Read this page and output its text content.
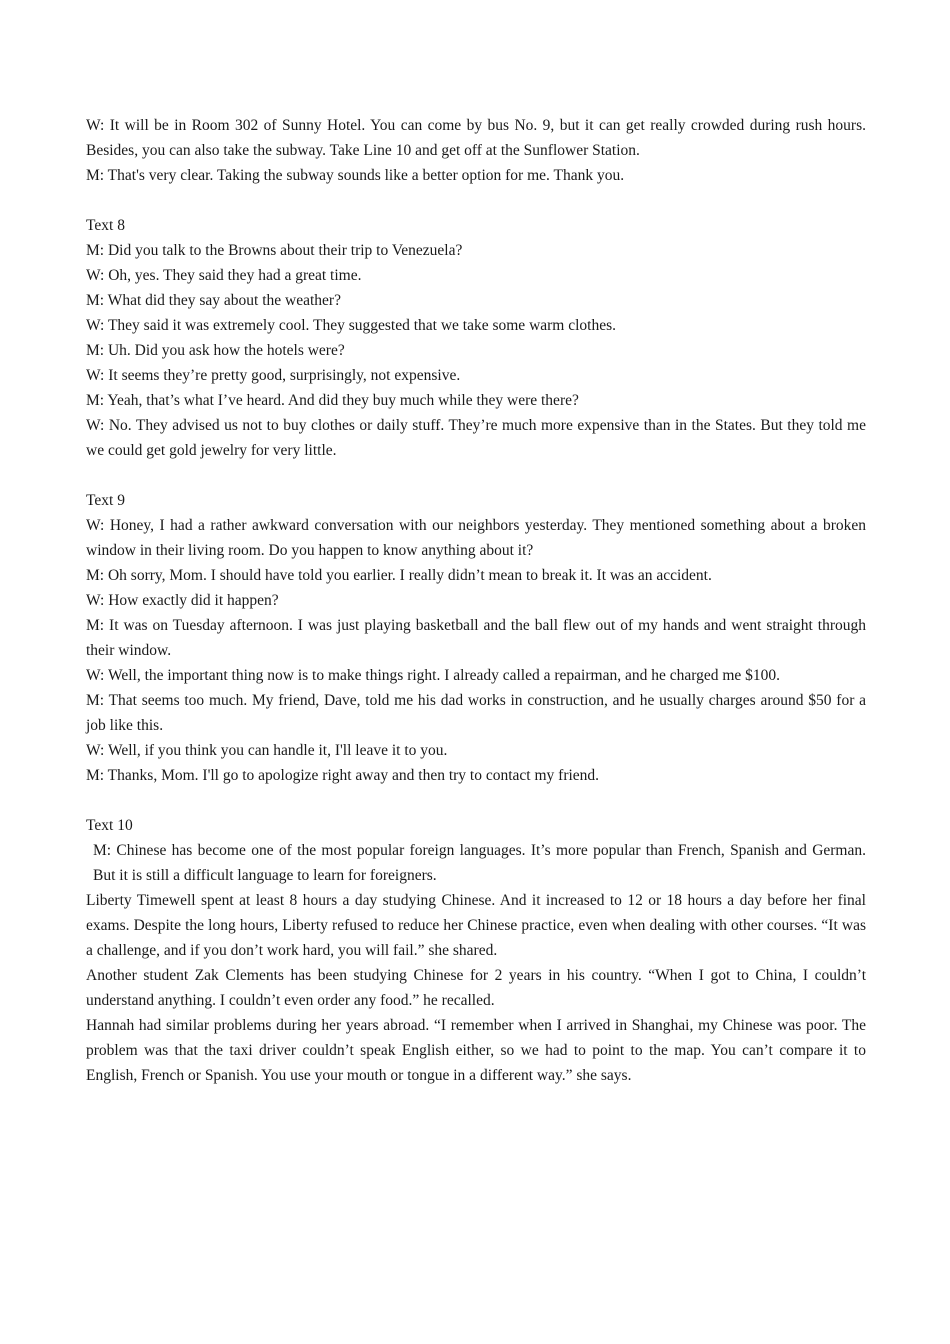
W: It will be in Room 302 of Sunny Hotel. You can come by bus No. 9, but it can get really crowded during rush hours. Besides, you can also take the subway. Take Line 10 and get off at the Sunflower Station.

M: That's very clear. Taking the subway sounds like a better option for me. Thank you.

Text 8

M: Did you talk to the Browns about their trip to Venezuela?

W: Oh, yes. They said they had a great time.

M: What did they say about the weather?

W: They said it was extremely cool. They suggested that we take some warm clothes.

M: Uh. Did you ask how the hotels were?

W: It seems they’re pretty good, surprisingly, not expensive.

M: Yeah, that’s what I’ve heard. And did they buy much while they were there?

W: No. They advised us not to buy clothes or daily stuff. They’re much more expensive than in the States. But they told me we could get gold jewelry for very little.

Text 9

W: Honey, I had a rather awkward conversation with our neighbors yesterday. They mentioned something about a broken window in their living room. Do you happen to know anything about it?

M: Oh sorry, Mom. I should have told you earlier. I really didn’t mean to break it. It was an accident.

W: How exactly did it happen?

M: It was on Tuesday afternoon. I was just playing basketball and the ball flew out of my hands and went straight through their window.

W: Well, the important thing now is to make things right. I already called a repairman, and he charged me $100.

M: That seems too much. My friend, Dave, told me his dad works in construction, and he usually charges around $50 for a job like this.

W: Well, if you think you can handle it, I'll leave it to you.

M: Thanks, Mom. I'll go to apologize right away and then try to contact my friend.

Text 10

M: Chinese has become one of the most popular foreign languages. It’s more popular than French, Spanish and German. But it is still a difficult language to learn for foreigners.

Liberty Timewell spent at least 8 hours a day studying Chinese. And it increased to 12 or 18 hours a day before her final exams. Despite the long hours, Liberty refused to reduce her Chinese practice, even when dealing with other courses. “It was a challenge, and if you don’t work hard, you will fail.” she shared.

Another student Zak Clements has been studying Chinese for 2 years in his country. “When I got to China, I couldn’t understand anything. I couldn’t even order any food.” he recalled.

Hannah had similar problems during her years abroad. “I remember when I arrived in Shanghai, my Chinese was poor. The problem was that the taxi driver couldn’t speak English either, so we had to point to the map. You can’t compare it to English, French or Spanish. You use your mouth or tongue in a different way.” she says.
